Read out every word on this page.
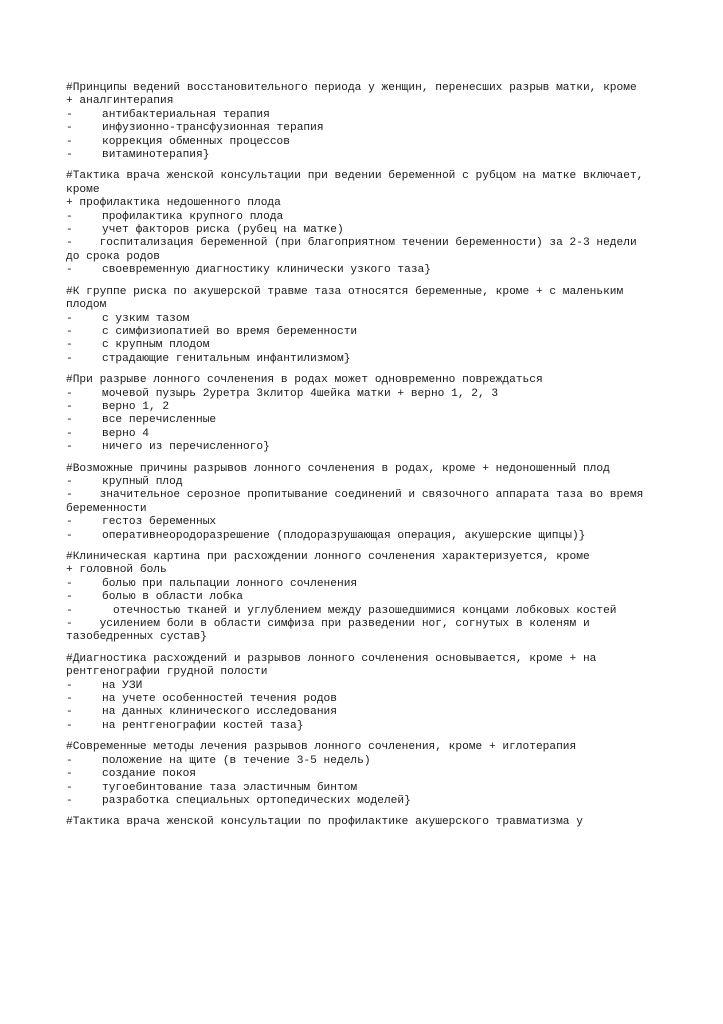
#Принципы ведений восстановительного периода у женщин, перенесших разрыв матки, кроме
+ аналгинтерапия
-	антибактериальная терапия
-	инфузионно-трансфузионная терапия
-	коррекция обменных процессов
-	витаминотерапия}
#Тактика врача женской консультации при ведении беременной с рубцом на матке включает, кроме
+ профилактика недошенного плода
-	профилактика крупного плода
-	учет факторов риска (рубец на матке)
- госпитализация беременной (при благоприятном течении беременности) за 2-3 недели до срока родов
-	своевременную диагностику клинически узкого таза}
#К группе риска по акушерской травме таза относятся беременные, кроме + с маленьким плодом
-	с узким тазом
-	с симфизиопатией во время беременности
-	с крупным плодом
-	страдающие генитальным инфантилизмом}
#При разрыве лонного сочленения в родах может одновременно повреждаться
-	мочевой пузырь 2уретра 3клитор 4шейка матки + верно 1, 2, 3
-	верно 1, 2
-	все перечисленные
-	верно 4
-	ничего из перечисленного}
#Возможные причины разрывов лонного сочленения в родах, кроме + недоношенный плод
-	крупный плод
- значительное серозное пропитывание соединений и связочного аппарата таза во время беременности
-	гестоз беременных
-	оперативнеородоразрешение (плодоразрушающая операция, акушерские щипцы)}
#Клиническая картина при расхождении лонного сочленения характеризуется, кроме
+ головной боль
-	болью при пальпации лонного сочленения
-	болью в области лобка
-      отечностью тканей и углублением между разошедшимися концами лобковых костей
- усилением боли в области симфиза при разведении ног, согнутых в коленям и тазобедренных сустав}
#Диагностика расхождений и разрывов лонного сочленения основывается, кроме + на рентгенографии грудной полости
-	на УЗИ
-	на учете особенностей течения родов
-	на данных клинического исследования
-	на рентгенографии костей таза}
#Современные методы лечения разрывов лонного сочленения, кроме + иглотерапия
-	положение на щите (в течение 3-5 недель)
-	создание покоя
-	тугоебинтование таза эластичным бинтом
-	разработка специальных ортопедических моделей}
#Тактика врача женской консультации по профилактике акушерского травматизма у
